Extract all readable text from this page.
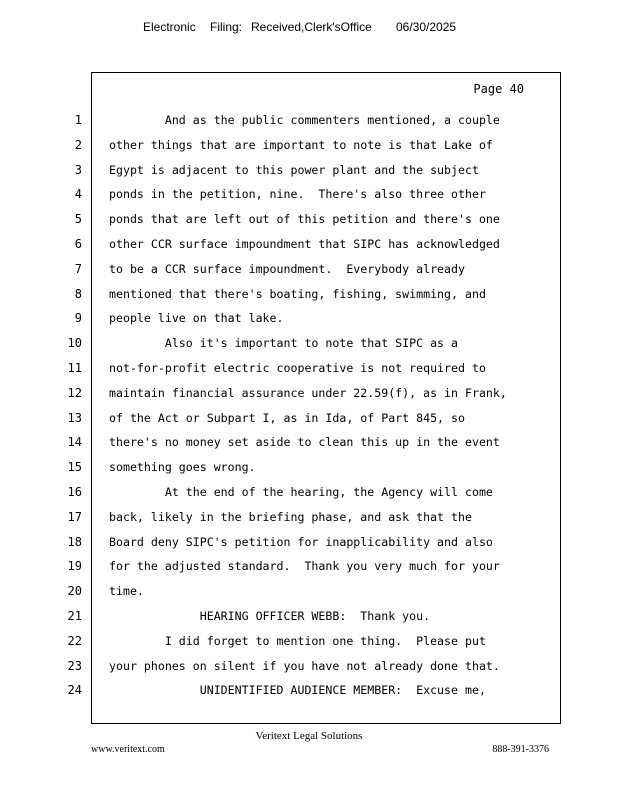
Electronic Filing: Received,Clerk'sOffice 06/30/2025
Page 40
1 And as the public commenters mentioned, a couple
2 other things that are important to note is that Lake of
3 Egypt is adjacent to this power plant and the subject
4 ponds in the petition, nine.  There's also three other
5 ponds that are left out of this petition and there's one
6 other CCR surface impoundment that SIPC has acknowledged
7 to be a CCR surface impoundment.  Everybody already
8 mentioned that there's boating, fishing, swimming, and
9 people live on that lake.
10 Also it's important to note that SIPC as a
11 not-for-profit electric cooperative is not required to
12 maintain financial assurance under 22.59(f), as in Frank,
13 of the Act or Subpart I, as in Ida, of Part 845, so
14 there's no money set aside to clean this up in the event
15 something goes wrong.
16 At the end of the hearing, the Agency will come
17 back, likely in the briefing phase, and ask that the
18 Board deny SIPC's petition for inapplicability and also
19 for the adjusted standard.  Thank you very much for your
20 time.
21 HEARING OFFICER WEBB:  Thank you.
22 I did forget to mention one thing.  Please put
23 your phones on silent if you have not already done that.
24 UNIDENTIFIED AUDIENCE MEMBER:  Excuse me,
Veritext Legal Solutions
www.veritext.com	888-391-3376
